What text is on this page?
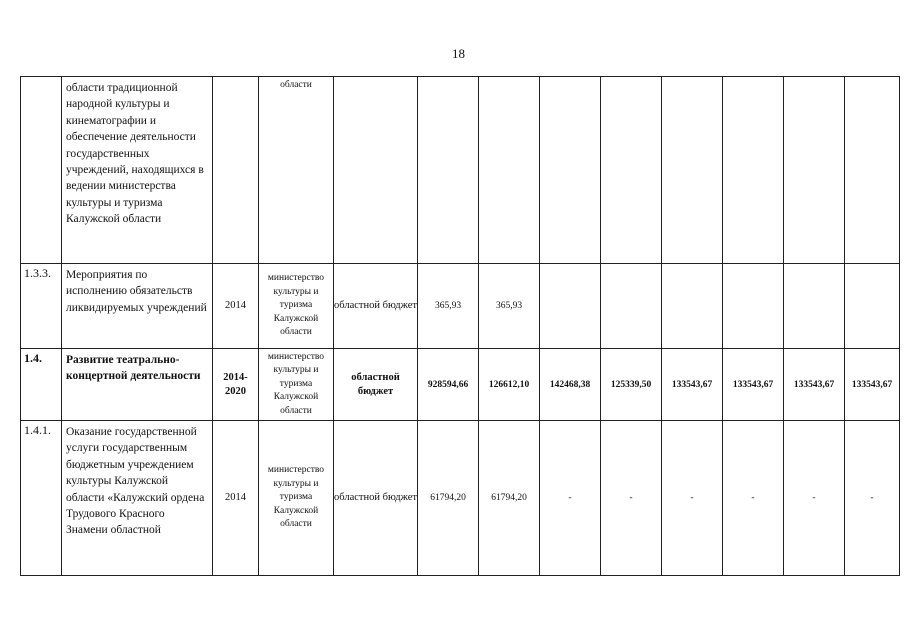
18
	области традиционной народной культуры и кинематографии и обеспечение деятельности государственных учреждений, находящихся в ведении министерства культуры и туризма Калужской области		области									
1.3.3.	Мероприятия по исполнению обязательств ликвидируемых учреждений	2014	министерство культуры и туризма Калужской области	областной бюджет	365,93	365,93						
1.4.	Развитие театрально-концертной деятельности	2014-2020	министерство культуры и туризма Калужской области	областной бюджет	928594,66	126612,10	142468,38	125339,50	133543,67	133543,67	133543,67	133543,67
1.4.1.	Оказание государственной услуги государственным бюджетным учреждением культуры Калужской области «Калужский ордена Трудового Красного Знамени областной	2014	министерство культуры и туризма Калужской области	областной бюджет	61794,20	61794,20	-	-	-	-	-	-
